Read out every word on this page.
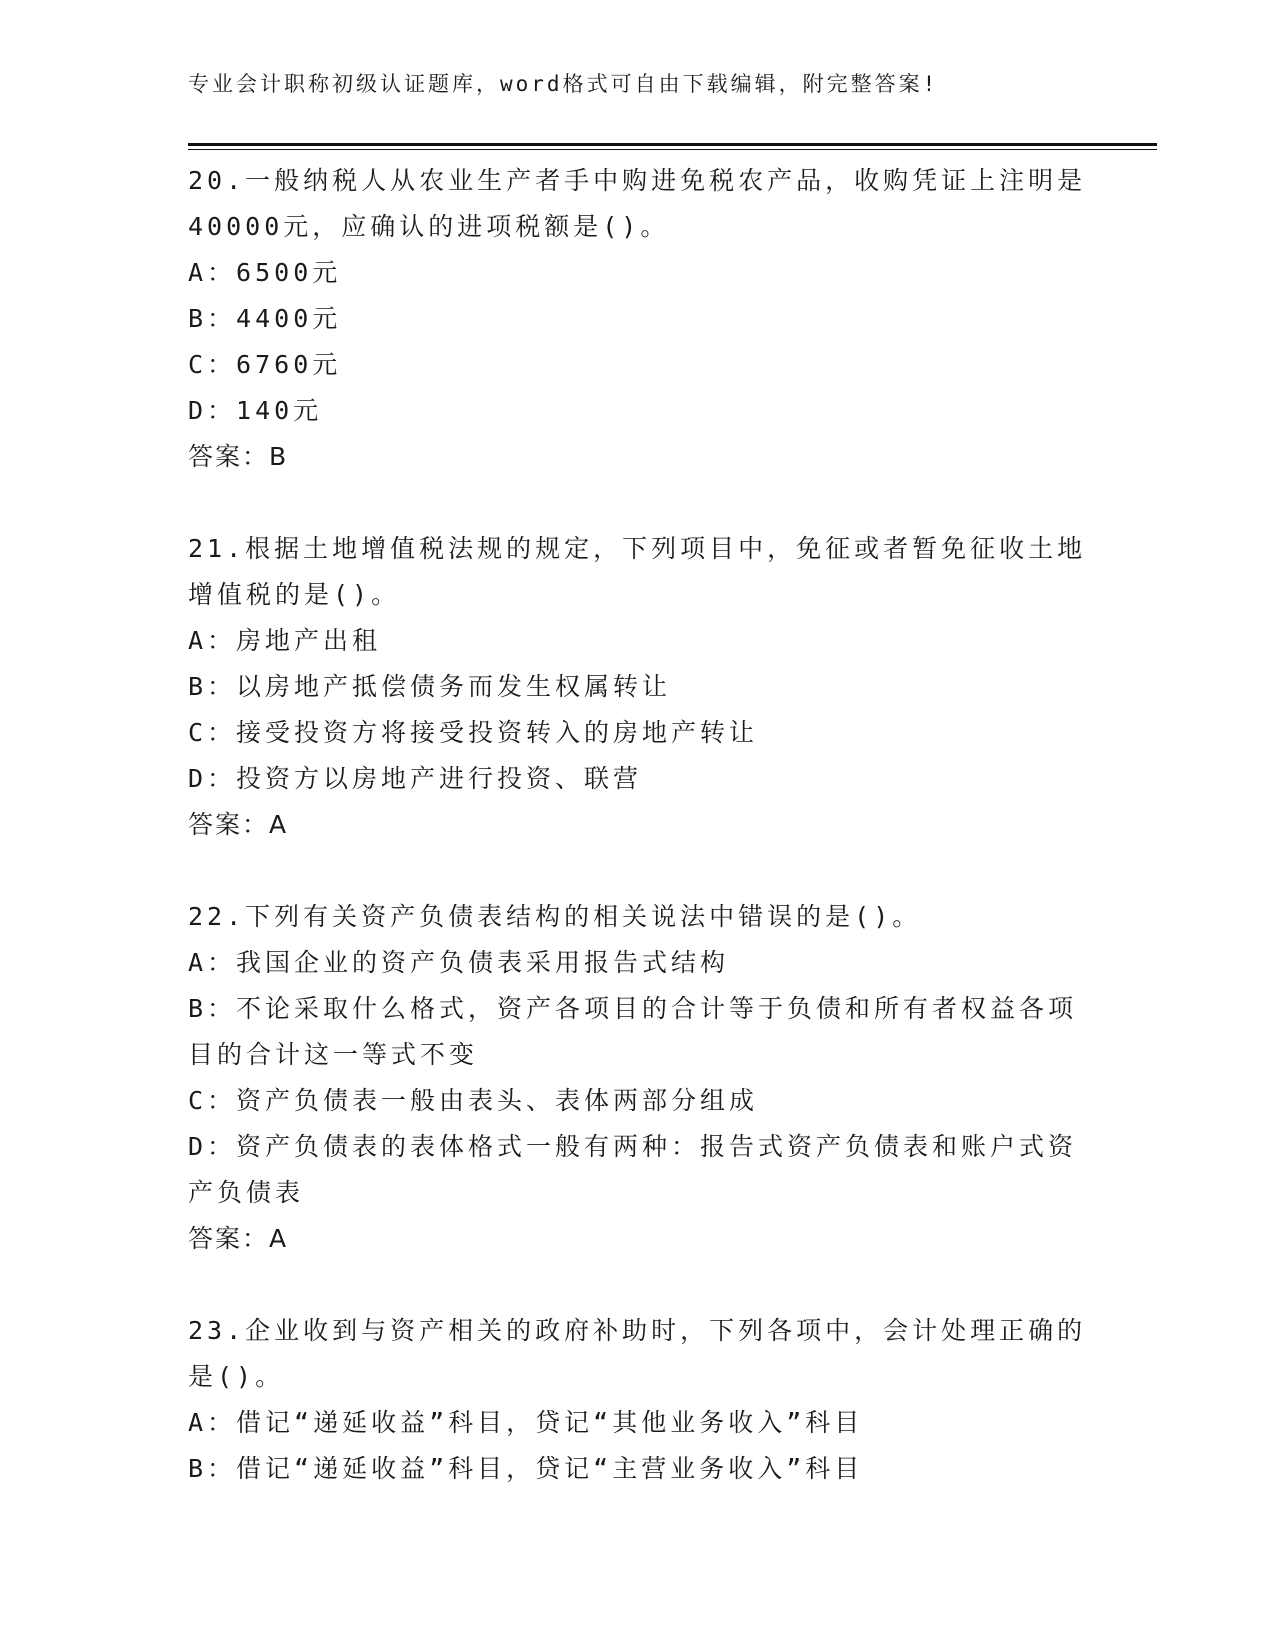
专业会计职称初级认证题库，word格式可自由下载编辑，附完整答案!
20.一般纳税人从农业生产者手中购进免税农产品，收购凭证上注明是
40000元，应确认的进项税额是()。
A：6500元
B：4400元
C：6760元
D：140元
答案：B
21.根据土地增值税法规的规定，下列项目中，免征或者暂免征收土地
增值税的是()。
A：房地产出租
B：以房地产抵偿债务而发生权属转让
C：接受投资方将接受投资转入的房地产转让
D：投资方以房地产进行投资、联营
答案：A
22.下列有关资产负债表结构的相关说法中错误的是()。
A：我国企业的资产负债表采用报告式结构
B：不论采取什么格式，资产各项目的合计等于负债和所有者权益各项
目的合计这一等式不变
C：资产负债表一般由表头、表体两部分组成
D：资产负债表的表体格式一般有两种：报告式资产负债表和账户式资
产负债表
答案：A
23.企业收到与资产相关的政府补助时，下列各项中，会计处理正确的
是()。
A：借记“递延收益”科目，贷记“其他业务收入”科目
B：借记“递延收益”科目，贷记“主营业务收入”科目
